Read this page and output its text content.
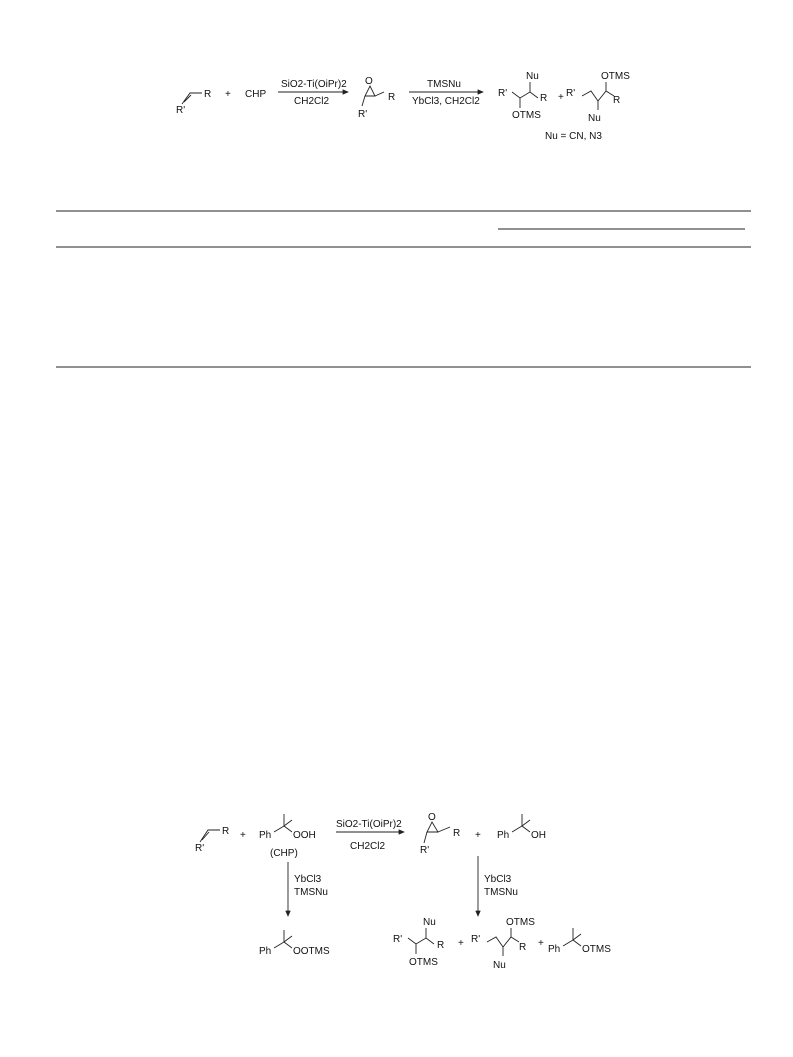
R
R'
+ CHP
SiO2-Ti(OiPr)2
CH2Cl2
O
R
R'
TMSNu
YbCl3, CH2Cl2
Nu
R'	R
OTMS
+ R'
OTMS
R
Nu
Nu = CN, N3
R
R'
+ Ph OOH
(CHP)
SiO2-Ti(OiPr)2
CH2Cl2
O
R
R'
+ Ph OH
YbCl3
TMSNu
YbCl3
TMSNu
Ph OOTMS
Nu
R'
R
OTMS
+ R'
OTMS
R
Nu
+
Ph OTMS
